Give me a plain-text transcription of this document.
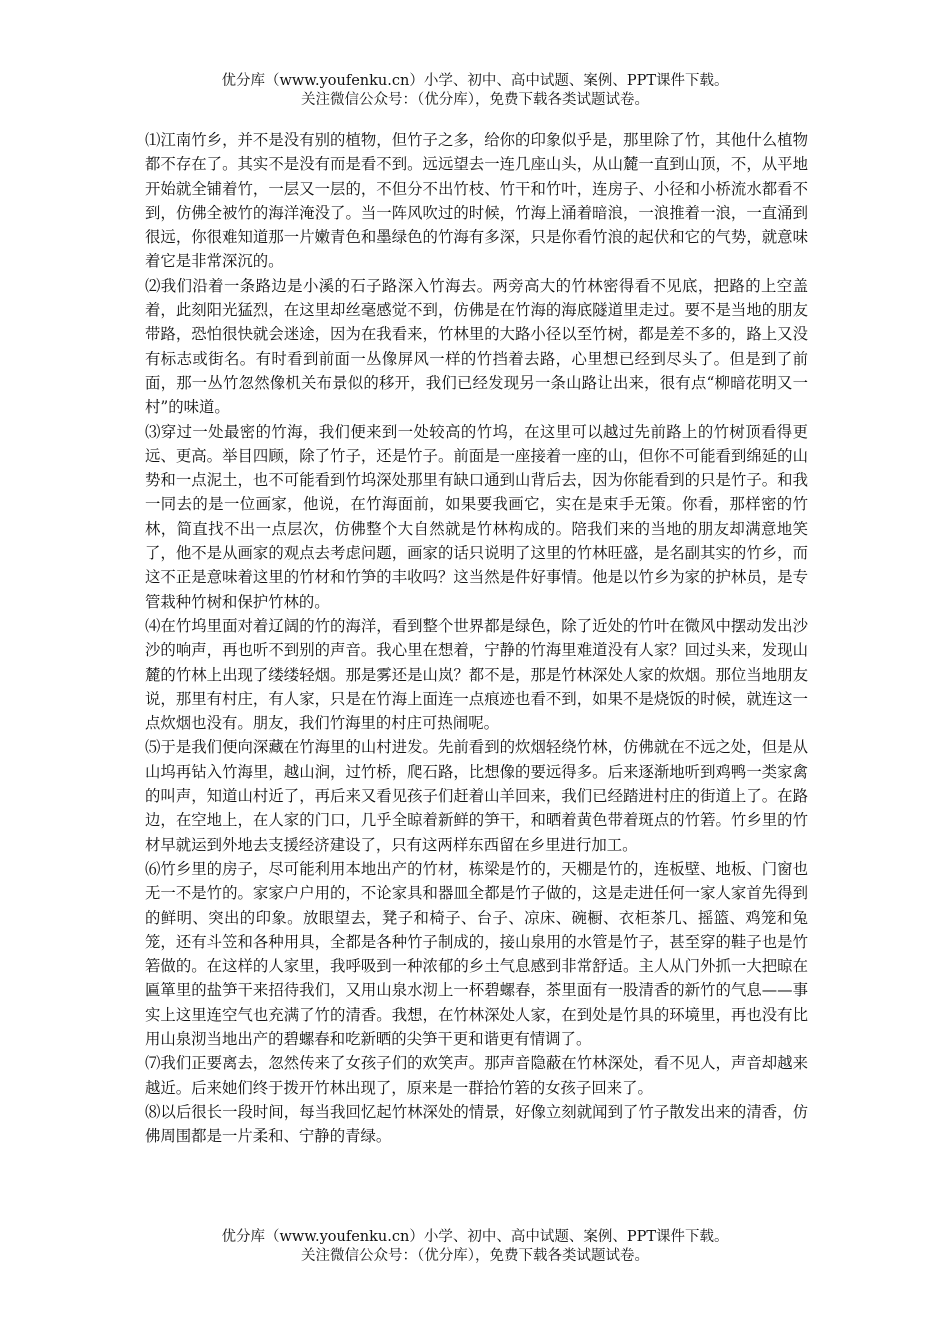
优分库（www.youfenku.cn）小学、初中、高中试题、案例、PPT课件下载。
关注微信公众号：（优分库），免费下载各类试题试卷。

⑴江南竹乡，并不是没有别的植物，但竹子之多，给你的印象似乎是，那里除了竹，其他什么植物都不存在了。其实不是没有而是看不到。远远望去一连几座山头，从山麓一直到山顶，不，从平地开始就全铺着竹，一层又一层的，不但分不出竹枝、竹干和竹叶，连房子、小径和小桥流水都看不到，仿佛全被竹的海洋淹没了。当一阵风吹过的时候，竹海上涌着暗浪，一浪推着一浪，一直涌到很远，你很难知道那一片嫩青色和墨绿色的竹海有多深，只是你看竹浪的起伏和它的气势，就意味着它是非常深沉的。

⑵我们沿着一条路边是小溪的石子路深入竹海去。两旁高大的竹林密得看不见底，把路的上空盖着，此刻阳光猛烈，在这里却丝毫感觉不到，仿佛是在竹海的海底隧道里走过。要不是当地的朋友带路，恐怕很快就会迷途，因为在我看来，竹林里的大路小径以至竹树，都是差不多的，路上又没有标志或街名。有时看到前面一丛像屏风一样的竹挡着去路，心里想已经到尽头了。但是到了前面，那一丛竹忽然像机关布景似的移开，我们已经发现另一条山路让出来，很有点“柳暗花明又一村”的味道。

⑶穿过一处最密的竹海，我们便来到一处较高的竹坞，在这里可以越过先前路上的竹树顶看得更远、更高。举目四顾，除了竹子，还是竹子。前面是一座接着一座的山，但你不可能看到绵延的山势和一点泥土，也不可能看到竹坞深处那里有缺口通到山背后去，因为你能看到的只是竹子。和我一同去的是一位画家，他说，在竹海面前，如果要我画它，实在是束手无策。你看，那样密的竹林，简直找不出一点层次，仿佛整个大自然就是竹林构成的。陪我们来的当地的朋友却满意地笑了，他不是从画家的观点去考虑问题，画家的话只说明了这里的竹林旺盛，是名副其实的竹乡，而这不正是意味着这里的竹材和竹笋的丰收吗？这当然是件好事情。他是以竹乡为家的护林员，是专管栽种竹树和保护竹林的。

⑷在竹坞里面对着辽阔的竹的海洋，看到整个世界都是绿色，除了近处的竹叶在微风中摆动发出沙沙的响声，再也听不到别的声音。我心里在想着，宁静的竹海里难道没有人家？回过头来，发现山麓的竹林上出现了缕缕轻烟。那是雾还是山岚？都不是，那是竹林深处人家的炊烟。那位当地朋友说，那里有村庄，有人家，只是在竹海上面连一点痕迹也看不到，如果不是烧饭的时候，就连这一点炊烟也没有。朋友，我们竹海里的村庄可热闹呢。

⑸于是我们便向深藏在竹海里的山村进发。先前看到的炊烟轻绕竹林，仿佛就在不远之处，但是从山坞再钻入竹海里，越山涧，过竹桥，爬石路，比想像的要远得多。后来逐渐地听到鸡鸭一类家禽的叫声，知道山村近了，再后来又看见孩子们赶着山羊回来，我们已经踏进村庄的街道上了。在路边，在空地上，在人家的门口，几乎全晾着新鲜的笋干，和晒着黄色带着斑点的竹箬。竹乡里的竹材早就运到外地去支援经济建设了，只有这两样东西留在乡里进行加工。

⑹竹乡里的房子，尽可能利用本地出产的竹材，栋梁是竹的，天棚是竹的，连板壁、地板、门窗也无一不是竹的。家家户户用的，不论家具和器皿全都是竹子做的，这是走进任何一家人家首先得到的鲜明、突出的印象。放眼望去，凳子和椅子、台子、凉床、碗橱、衣柜茶几、摇篮、鸡笼和兔笼，还有斗笠和各种用具，全都是各种竹子制成的，接山泉用的水管是竹子，甚至穿的鞋子也是竹箬做的。在这样的人家里，我呼吸到一种浓郁的乡土气息感到非常舒适。主人从门外抓一大把晾在匾箪里的盐笋干来招待我们，又用山泉水沏上一杯碧螺春，茶里面有一股清香的新竹的气息——事实上这里连空气也充满了竹的清香。我想，在竹林深处人家，在到处是竹具的环境里，再也没有比用山泉沏当地出产的碧螺春和吃新晒的尖笋干更和谐更有情调了。

⑺我们正要离去，忽然传来了女孩子们的欢笑声。那声音隐蔽在竹林深处，看不见人，声音却越来越近。后来她们终于拨开竹林出现了，原来是一群拾竹箬的女孩子回来了。

⑻以后很长一段时间，每当我回忆起竹林深处的情景，好像立刻就闻到了竹子散发出来的清香，仿佛周围都是一片柔和、宁静的青绿。

优分库（www.youfenku.cn）小学、初中、高中试题、案例、PPT课件下载。
关注微信公众号：（优分库），免费下载各类试题试卷。
